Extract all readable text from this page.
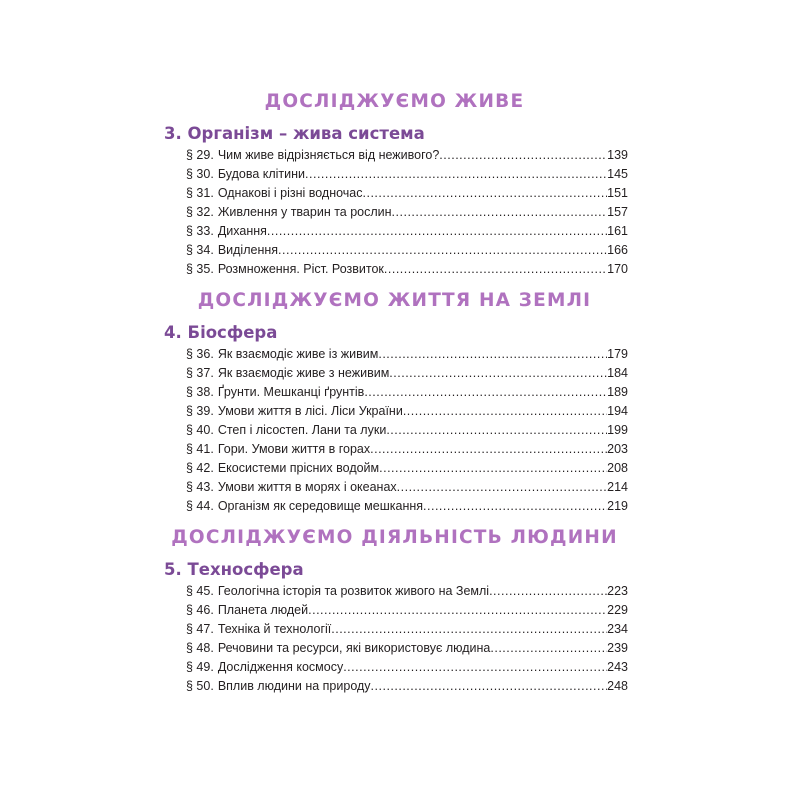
ДОСЛІДЖУЄМО ЖИВЕ
3. Організм – жива система
§ 29. Чим живе відрізняється від неживого? .....	139
§ 30. Будова клітини .....	145
§ 31. Однакові і різні водночас .....	151
§ 32. Живлення у тварин та рослин .....	157
§ 33. Дихання .....	161
§ 34. Виділення .....	166
§ 35. Розмноження. Ріст. Розвиток .....	170
ДОСЛІДЖУЄМО ЖИТТЯ НА ЗЕМЛІ
4. Біосфера
§ 36. Як взаємодіє живе із живим .....	179
§ 37. Як взаємодіє живе з неживим .....	184
§ 38. Ґрунти. Мешканці ґрунтів .....	189
§ 39. Умови життя в лісі. Ліси України .....	194
§ 40. Степ і лісостеп. Лани та луки .....	199
§ 41. Гори. Умови життя в горах .....	203
§ 42. Екосистеми прісних водойм .....	208
§ 43. Умови життя в морях і океанах .....	214
§ 44. Організм як середовище мешкання .....	219
ДОСЛІДЖУЄМО ДІЯЛЬНІСТЬ ЛЮДИНИ
5. Техносфера
§ 45. Геологічна історія та розвиток живого на Землі .....	223
§ 46. Планета людей .....	229
§ 47. Техніка й технології .....	234
§ 48. Речовини та ресурси, які використовує людина .....	239
§ 49. Дослідження космосу .....	243
§ 50. Вплив людини на природу .....	248
